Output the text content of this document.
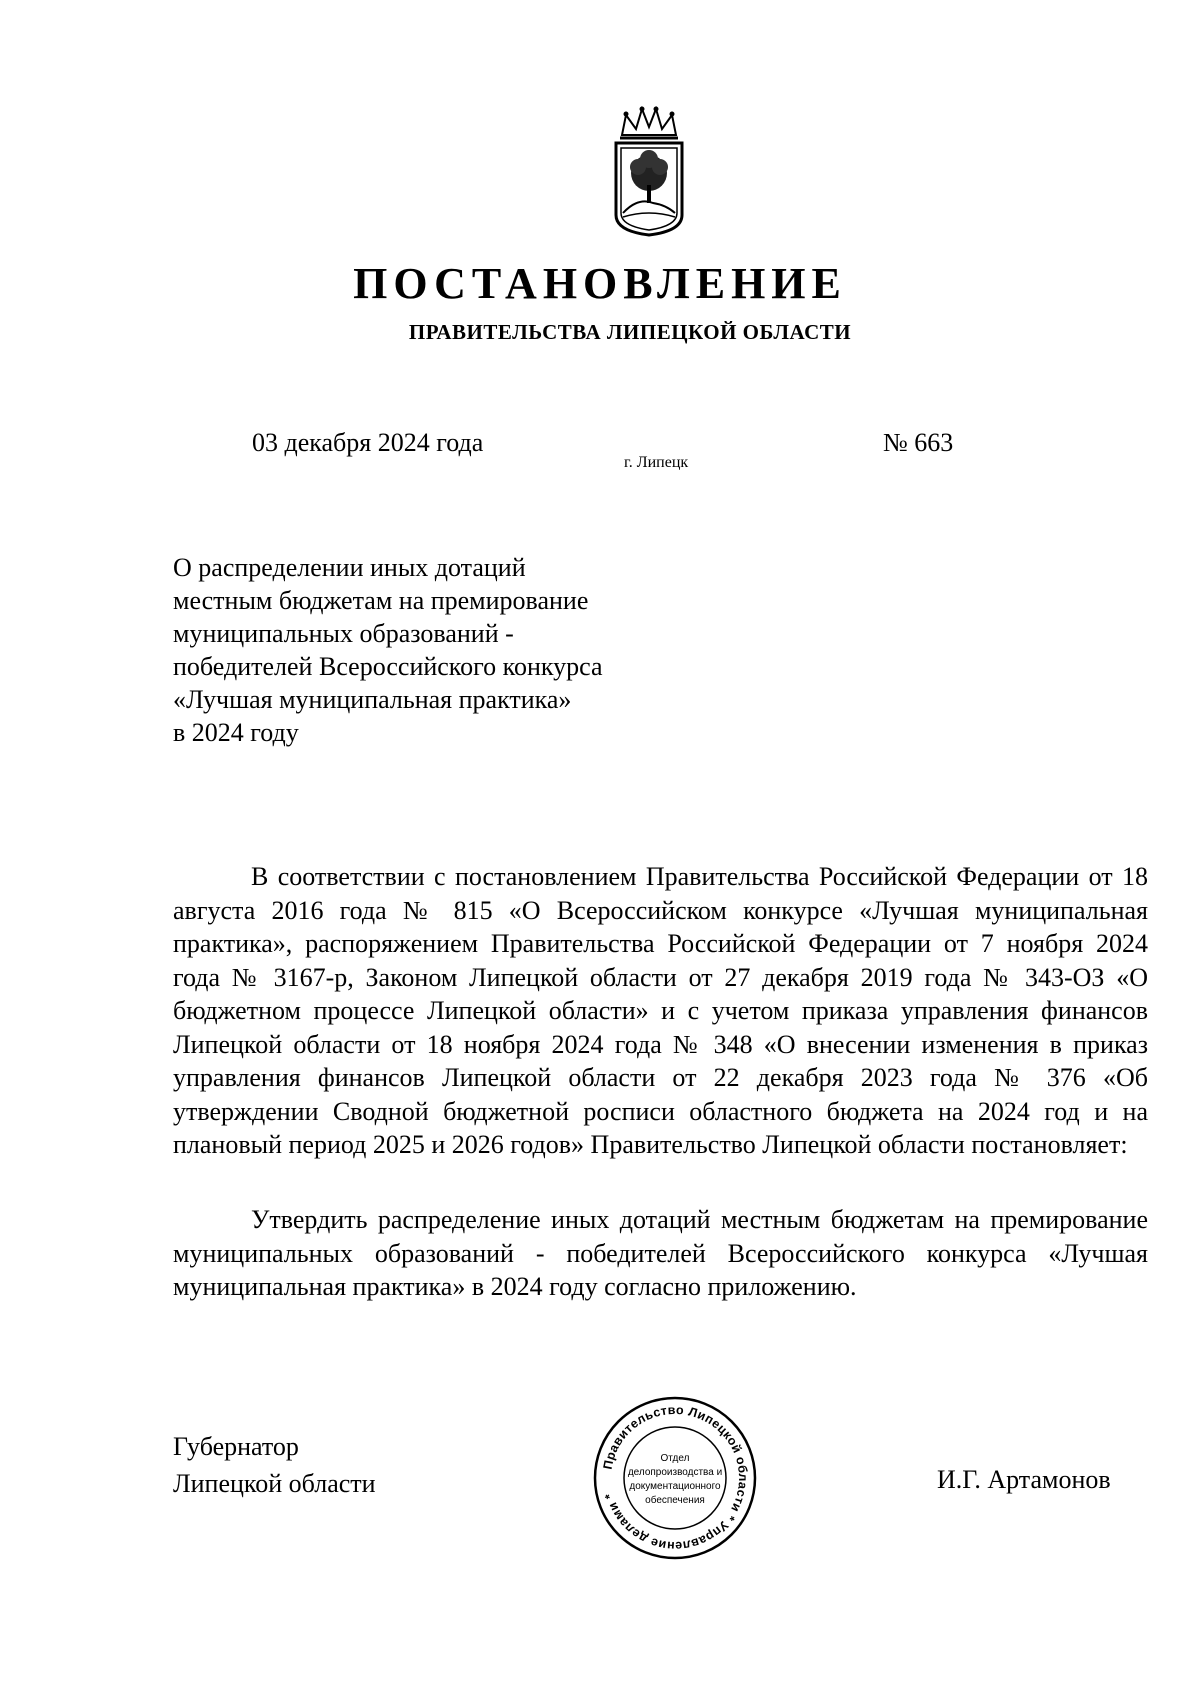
ПОСТАНОВЛЕНИЕ
ПРАВИТЕЛЬСТВА ЛИПЕЦКОЙ ОБЛАСТИ
03 декабря 2024 года
г. Липецк
№ 663
О распределении иных дотаций
местным бюджетам на премирование
муниципальных образований -
победителей Всероссийского конкурса
«Лучшая муниципальная практика»
в 2024 году

В соответствии с постановлением Правительства Российской Федерации от 18 августа 2016 года № 815 «О Всероссийском конкурсе «Лучшая муниципальная практика», распоряжением Правительства Российской Федерации от 7 ноября 2024 года № 3167-р, Законом Липецкой области от 27 декабря 2019 года № 343-ОЗ «О бюджетном процессе Липецкой области» и с учетом приказа управления финансов Липецкой области от 18 ноября 2024 года № 348 «О внесении изменения в приказ управления финансов Липецкой области от 22 декабря 2023 года № 376 «Об утверждении Сводной бюджетной росписи областного бюджета на 2024 год и на плановый период 2025 и 2026 годов» Правительство Липецкой области постановляет:

Утвердить распределение иных дотаций местным бюджетам на премирование муниципальных образований - победителей Всероссийского конкурса «Лучшая муниципальная практика» в 2024 году согласно приложению.

Губернатор
Липецкой области	И.Г. Артамонов
Правительство Липецкой области * Управление делами *
Отдел
делопроизводства и
документационного
обеспечения
